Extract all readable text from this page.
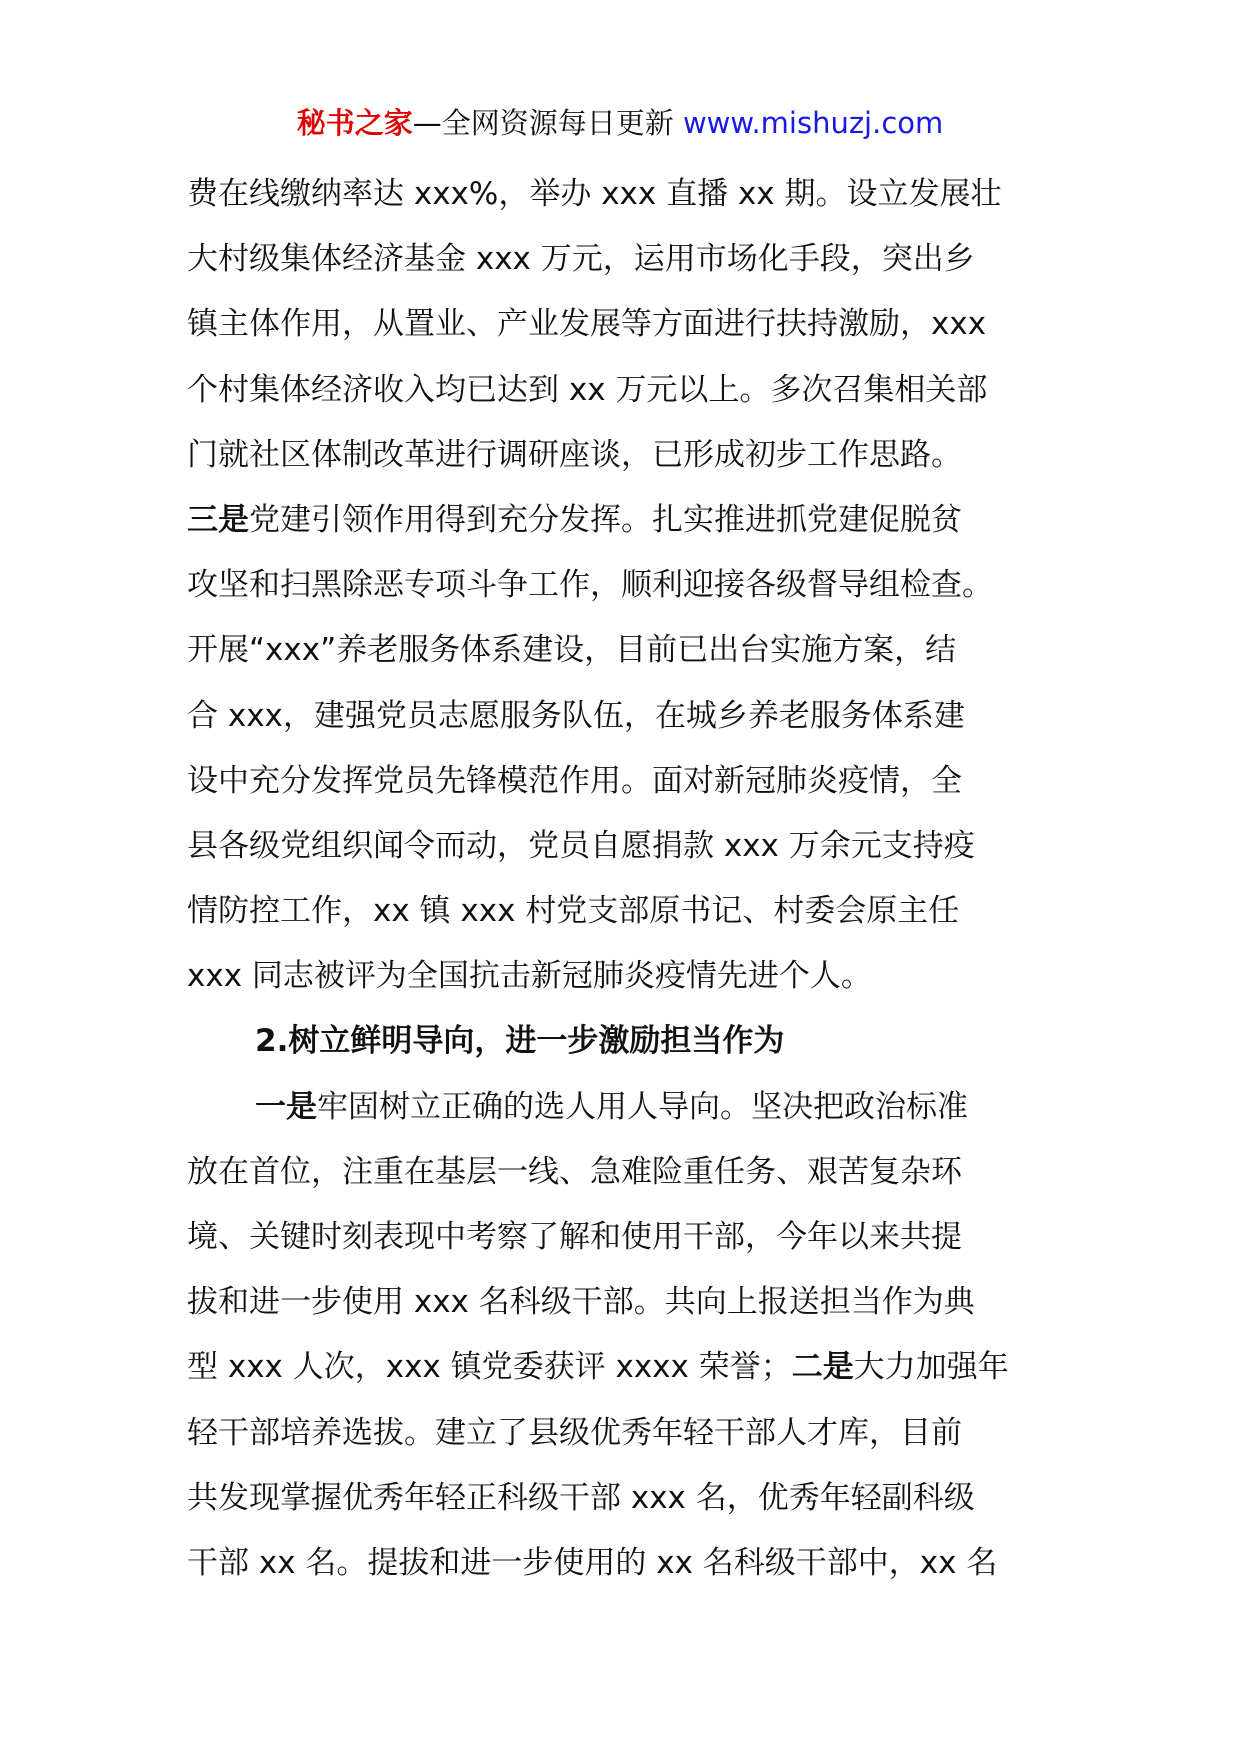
秘书之家—全网资源每日更新 www.mishuzj.com
费在线缴纳率达 xxx%，举办 xxx 直播 xx 期。设立发展壮
大村级集体经济基金 xxx 万元，运用市场化手段，突出乡
镇主体作用，从置业、产业发展等方面进行扶持激励，xxx
个村集体经济收入均已达到 xx 万元以上。多次召集相关部
门就社区体制改革进行调研座谈，已形成初步工作思路。
三是党建引领作用得到充分发挥。扎实推进抓党建促脱贫
攻坚和扫黑除恶专项斗争工作，顺利迎接各级督导组检查。
开展“xxx”养老服务体系建设，目前已出台实施方案，结
合 xxx，建强党员志愿服务队伍，在城乡养老服务体系建
设中充分发挥党员先锋模范作用。面对新冠肺炎疫情，全
县各级党组织闻令而动，党员自愿捐款 xxx 万余元支持疫
情防控工作，xx 镇 xxx 村党支部原书记、村委会原主任
xxx 同志被评为全国抗击新冠肺炎疫情先进个人。
2.树立鲜明导向，进一步激励担当作为
一是牢固树立正确的选人用人导向。坚决把政治标准
放在首位，注重在基层一线、急难险重任务、艰苦复杂环
境、关键时刻表现中考察了解和使用干部，今年以来共提
拔和进一步使用 xxx 名科级干部。共向上报送担当作为典
型 xxx 人次，xxx 镇党委获评 xxxx 荣誉；二是大力加强年
轻干部培养选拔。建立了县级优秀年轻干部人才库，目前
共发现掌握优秀年轻正科级干部 xxx 名，优秀年轻副科级
干部 xx 名。提拔和进一步使用的 xx 名科级干部中，xx 名
